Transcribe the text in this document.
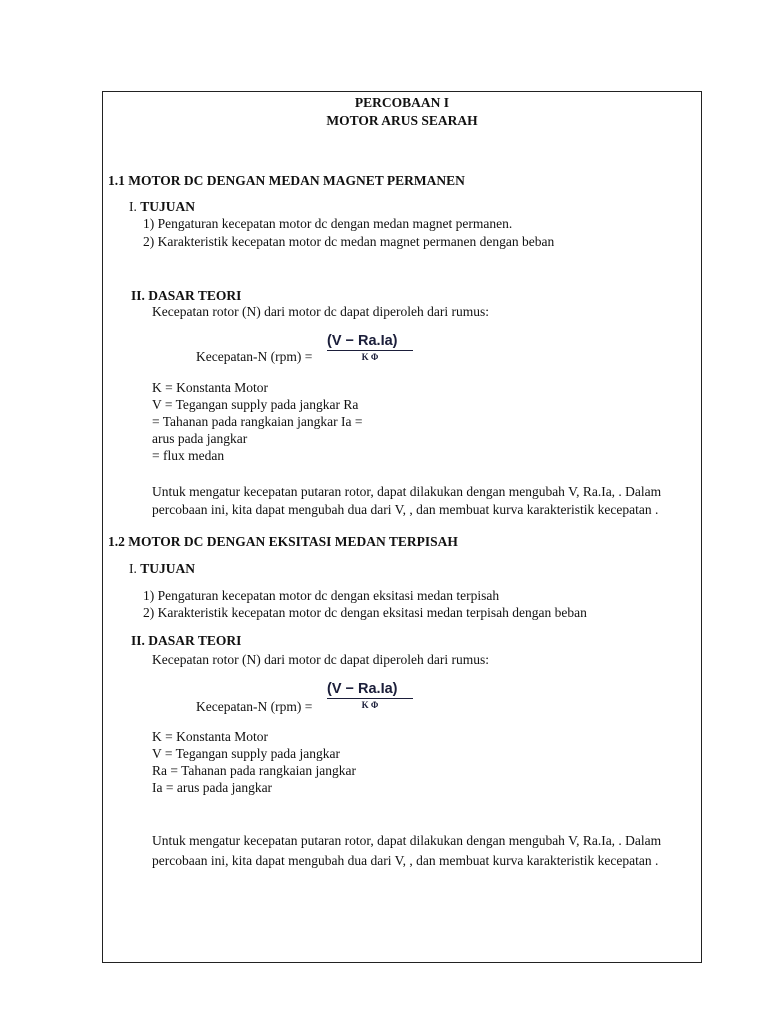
PERCOBAAN I
MOTOR ARUS SEARAH
1.1 MOTOR DC DENGAN MEDAN MAGNET PERMANEN
I. TUJUAN
1) Pengaturan kecepatan motor dc dengan medan magnet permanen.
2) Karakteristik kecepatan motor dc medan magnet permanen dengan beban
II. DASAR TEORI
Kecepatan rotor (N) dari motor dc dapat diperoleh dari rumus:
Kecepatan-N (rpm) =
(V − Ra.Ia)
K Φ
K = Konstanta Motor
V = Tegangan supply pada jangkar Ra
= Tahanan pada rangkaian jangkar Ia =
arus pada jangkar
= flux medan
Untuk mengatur kecepatan putaran rotor, dapat dilakukan dengan mengubah V, Ra.Ia, . Dalam
percobaan ini, kita dapat mengubah dua dari V, , dan membuat kurva karakteristik kecepatan .
1.2 MOTOR DC DENGAN EKSITASI MEDAN TERPISAH
I. TUJUAN
1) Pengaturan kecepatan motor dc dengan eksitasi medan terpisah
2) Karakteristik kecepatan motor dc dengan eksitasi medan terpisah dengan beban
II. DASAR TEORI
Kecepatan rotor (N) dari motor dc dapat diperoleh dari rumus:
Kecepatan-N (rpm) =
(V − Ra.Ia)
K Φ
K = Konstanta Motor
V = Tegangan supply pada jangkar
Ra = Tahanan pada rangkaian jangkar
Ia = arus pada jangkar
Untuk mengatur kecepatan putaran rotor, dapat dilakukan dengan mengubah V, Ra.Ia, . Dalam
percobaan ini, kita dapat mengubah dua dari V, , dan membuat kurva karakteristik kecepatan .
